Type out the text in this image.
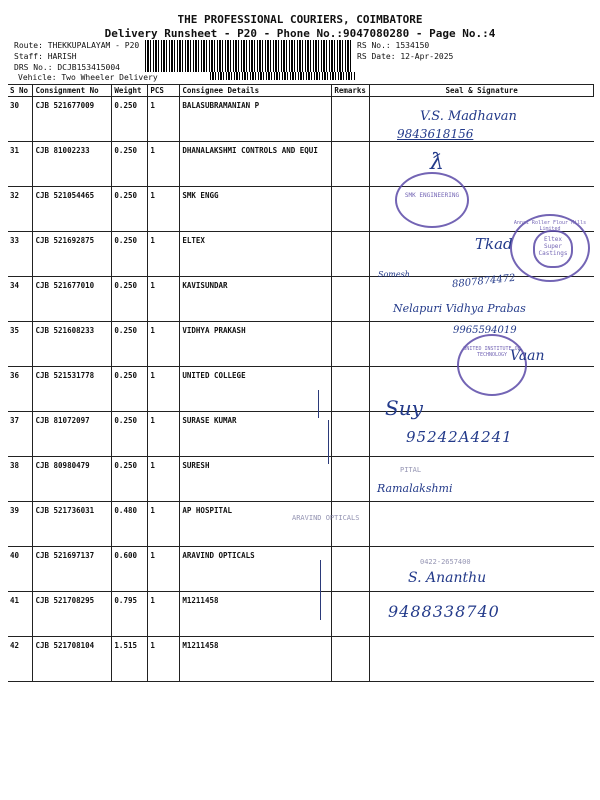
THE PROFESSIONAL COURIERS, COIMBATORE
Delivery Runsheet - P20 - Phone No.:9047080280 - Page No.:4
Route: THEKKUPALAYAM - P20
Staff: HARISH
DRS No.: DCJB153415004
Vehicle: Two Wheeler Delivery
RS No.: 1534150
RS Date: 12-Apr-2025
S No	Consignment No	Weight	PCS	Consignee Details	Remarks	Seal & Signature
30	CJB 521677009	0.250	1	BALASUBRAMANIAN P		
31	CJB 81002233	0.250	1	DHANALAKSHMI CONTROLS AND EQUI		
32	CJB 521054465	0.250	1	SMK ENGG		
33	CJB 521692875	0.250	1	ELTEX		
34	CJB 521677010	0.250	1	KAVISUNDAR		
35	CJB 521608233	0.250	1	VIDHYA PRAKASH		
36	CJB 521531778	0.250	1	UNITED COLLEGE		
37	CJB 81072097	0.250	1	SURASE KUMAR		
38	CJB 80980479	0.250	1	SURESH		
39	CJB 521736031	0.480	1	AP HOSPITAL		
40	CJB 521697137	0.600	1	ARAVIND OPTICALS		
41	CJB 521708295	0.795	1	M1211458		
42	CJB 521708104	1.515	1	M1211458		
V.S. Madhavan
9843618156
ƛ
SMK ENGINEERING
Annai Roller Flour Mills Limited
Eltex Super Castings
Tkad
Somesh	8807874472
Nelapuri Vidhya Prabas
9965594019
UNITED INSTITUTE OF TECHNOLOGY Vaan
Suy
95242A4241
Ramalakshmi
PITAL
ARAVIND OPTICALS
0422-2657400
S. Ananthu
9488338740
